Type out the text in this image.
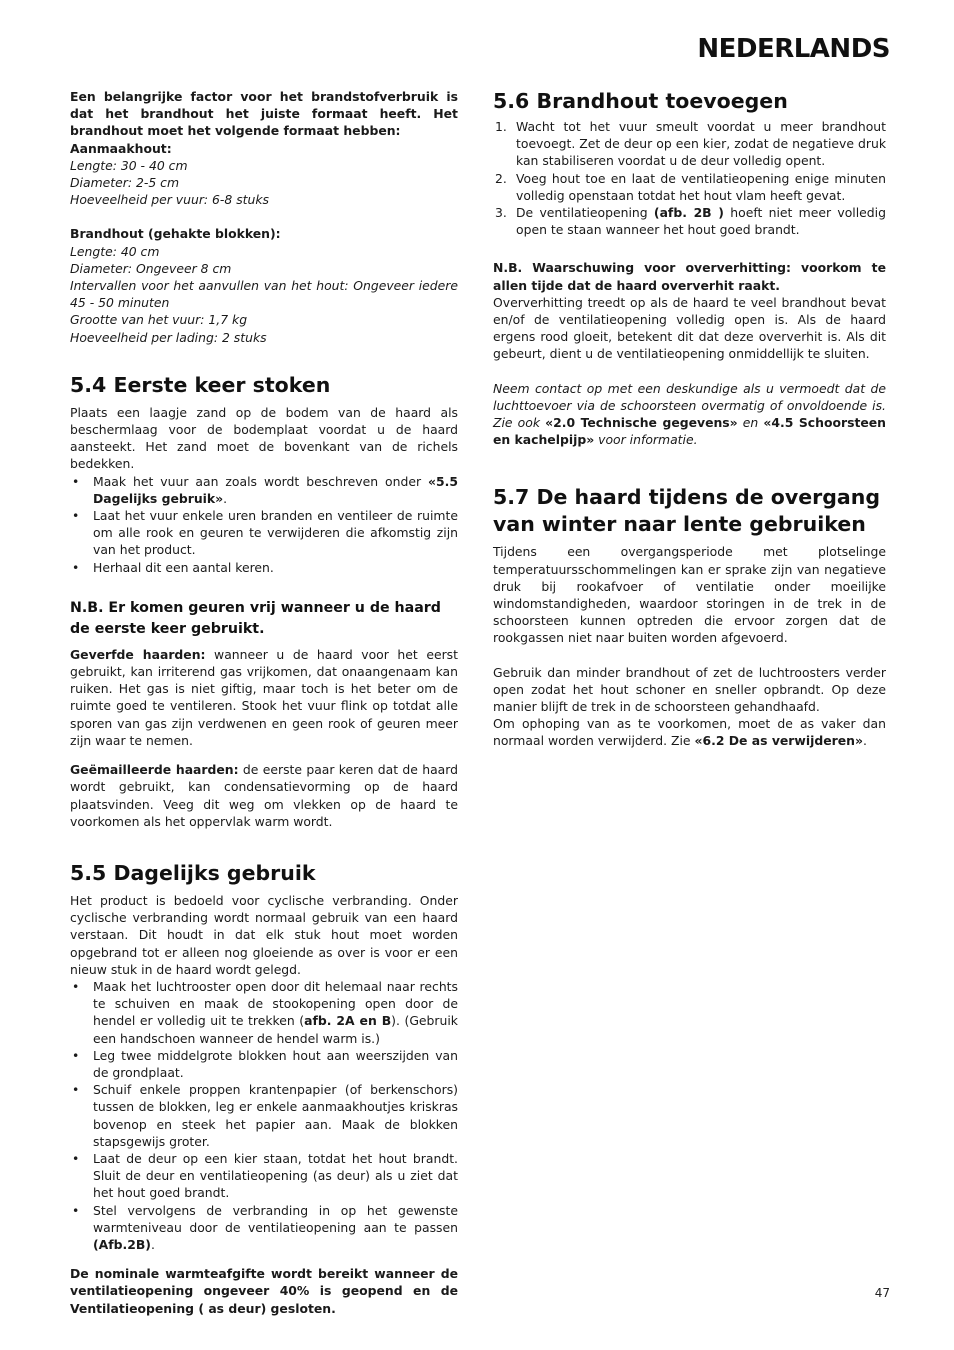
NEDERLANDS

Een belangrijke factor voor het brandstofverbruik is dat het brandhout het juiste formaat heeft. Het brandhout moet het volgende formaat hebben:

Aanmaakhout:

Lengte: 30 - 40 cm

Diameter: 2-5 cm

Hoeveelheid per vuur: 6-8 stuks

Brandhout (gehakte blokken):

Lengte: 40 cm

Diameter: Ongeveer 8 cm

Intervallen voor het aanvullen van het hout: Ongeveer iedere 45 - 50 minuten

Grootte van het vuur: 1,7 kg

Hoeveelheid per lading: 2 stuks

5.4 Eerste keer stoken

Plaats een laagje zand op de bodem van de haard als beschermlaag voor de bodemplaat voordat u de haard aansteekt. Het zand moet de bovenkant van de richels bedekken.

• Maak het vuur aan zoals wordt beschreven onder «5.5 Dagelijks gebruik».
• Laat het vuur enkele uren branden en ventileer de ruimte om alle rook en geuren te verwijderen die afkomstig zijn van het product.
• Herhaal dit een aantal keren.
N.B. Er komen geuren vrij wanneer u de haard de eerste keer gebruikt.

Geverfde haarden: wanneer u de haard voor het eerst gebruikt, kan irriterend gas vrijkomen, dat onaangenaam kan ruiken. Het gas is niet giftig, maar toch is het beter om de ruimte goed te ventileren. Stook het vuur flink op totdat alle sporen van gas zijn verdwenen en geen rook of geuren meer zijn waar te nemen.

Geëmailleerde haarden: de eerste paar keren dat de haard wordt gebruikt, kan condensatievorming op de haard plaatsvinden. Veeg dit weg om vlekken op de haard te voorkomen als het oppervlak warm wordt.

5.5 Dagelijks gebruik

Het product is bedoeld voor cyclische verbranding. Onder cyclische verbranding wordt normaal gebruik van een haard verstaan. Dit houdt in dat elk stuk hout moet worden opgebrand tot er alleen nog gloeiende as over is voor er een nieuw stuk in de haard wordt gelegd.

• Maak het luchtrooster open door dit helemaal naar rechts te schuiven en maak de stookopening open door de hendel er volledig uit te trekken (afb. 2A en B). (Gebruik een handschoen wanneer de hendel warm is.)
• Leg twee middelgrote blokken hout aan weerszijden van de grondplaat.
• Schuif enkele proppen krantenpapier (of berkenschors) tussen de blokken, leg er enkele aanmaakhoutjes kriskras bovenop en steek het papier aan. Maak de blokken stapsgewijs groter.
• Laat de deur op een kier staan, totdat het hout brandt. Sluit de deur en ventilatieopening (as deur) als u ziet dat het hout goed brandt.
• Stel vervolgens de verbranding in op het gewenste warmteniveau door de ventilatieopening aan te passen (Afb.2B).

De nominale warmteafgifte wordt bereikt wanneer de ventilatieopening ongeveer 40% is geopend en de Ventilatieopening ( as deur) gesloten.

5.6 Brandhout toevoegen
1. Wacht tot het vuur smeult voordat u meer brandhout toevoegt. Zet de deur op een kier, zodat de negatieve druk kan stabiliseren voordat u de deur volledig opent.
2. Voeg hout toe en laat de ventilatieopening enige minuten volledig openstaan totdat het hout vlam heeft gevat.
3. De ventilatieopening (afb. 2B ) hoeft niet meer volledig open te staan wanneer het hout goed brandt.

N.B. Waarschuwing voor oververhitting: voorkom te allen tijde dat de haard oververhit raakt.

Oververhitting treedt op als de haard te veel brandhout bevat en/of de ventilatieopening volledig open is. Als de haard ergens rood gloeit, betekent dit dat deze oververhit is. Als dit gebeurt, dient u de ventilatieopening onmiddellijk te sluiten.

Neem contact op met een deskundige als u vermoedt dat de luchttoevoer via de schoorsteen overmatig of onvoldoende is. Zie ook «2.0 Technische gegevens» en «4.5 Schoorsteen en kachelpijp» voor informatie.

5.7 De haard tijdens de overgang van winter naar lente gebruiken

Tijdens een overgangsperiode met plotselinge temperatuursschommelingen kan er sprake zijn van negatieve druk bij rookafvoer of ventilatie onder moeilijke windomstandigheden, waardoor storingen in de trek in de schoorsteen kunnen optreden die ervoor zorgen dat de rookgassen niet naar buiten worden afgevoerd.

Gebruik dan minder brandhout of zet de luchtroosters verder open zodat het hout schoner en sneller opbrandt. Op deze manier blijft de trek in de schoorsteen gehandhaafd.

Om ophoping van as te voorkomen, moet de as vaker dan normaal worden verwijderd. Zie «6.2 De as verwijderen».

47
